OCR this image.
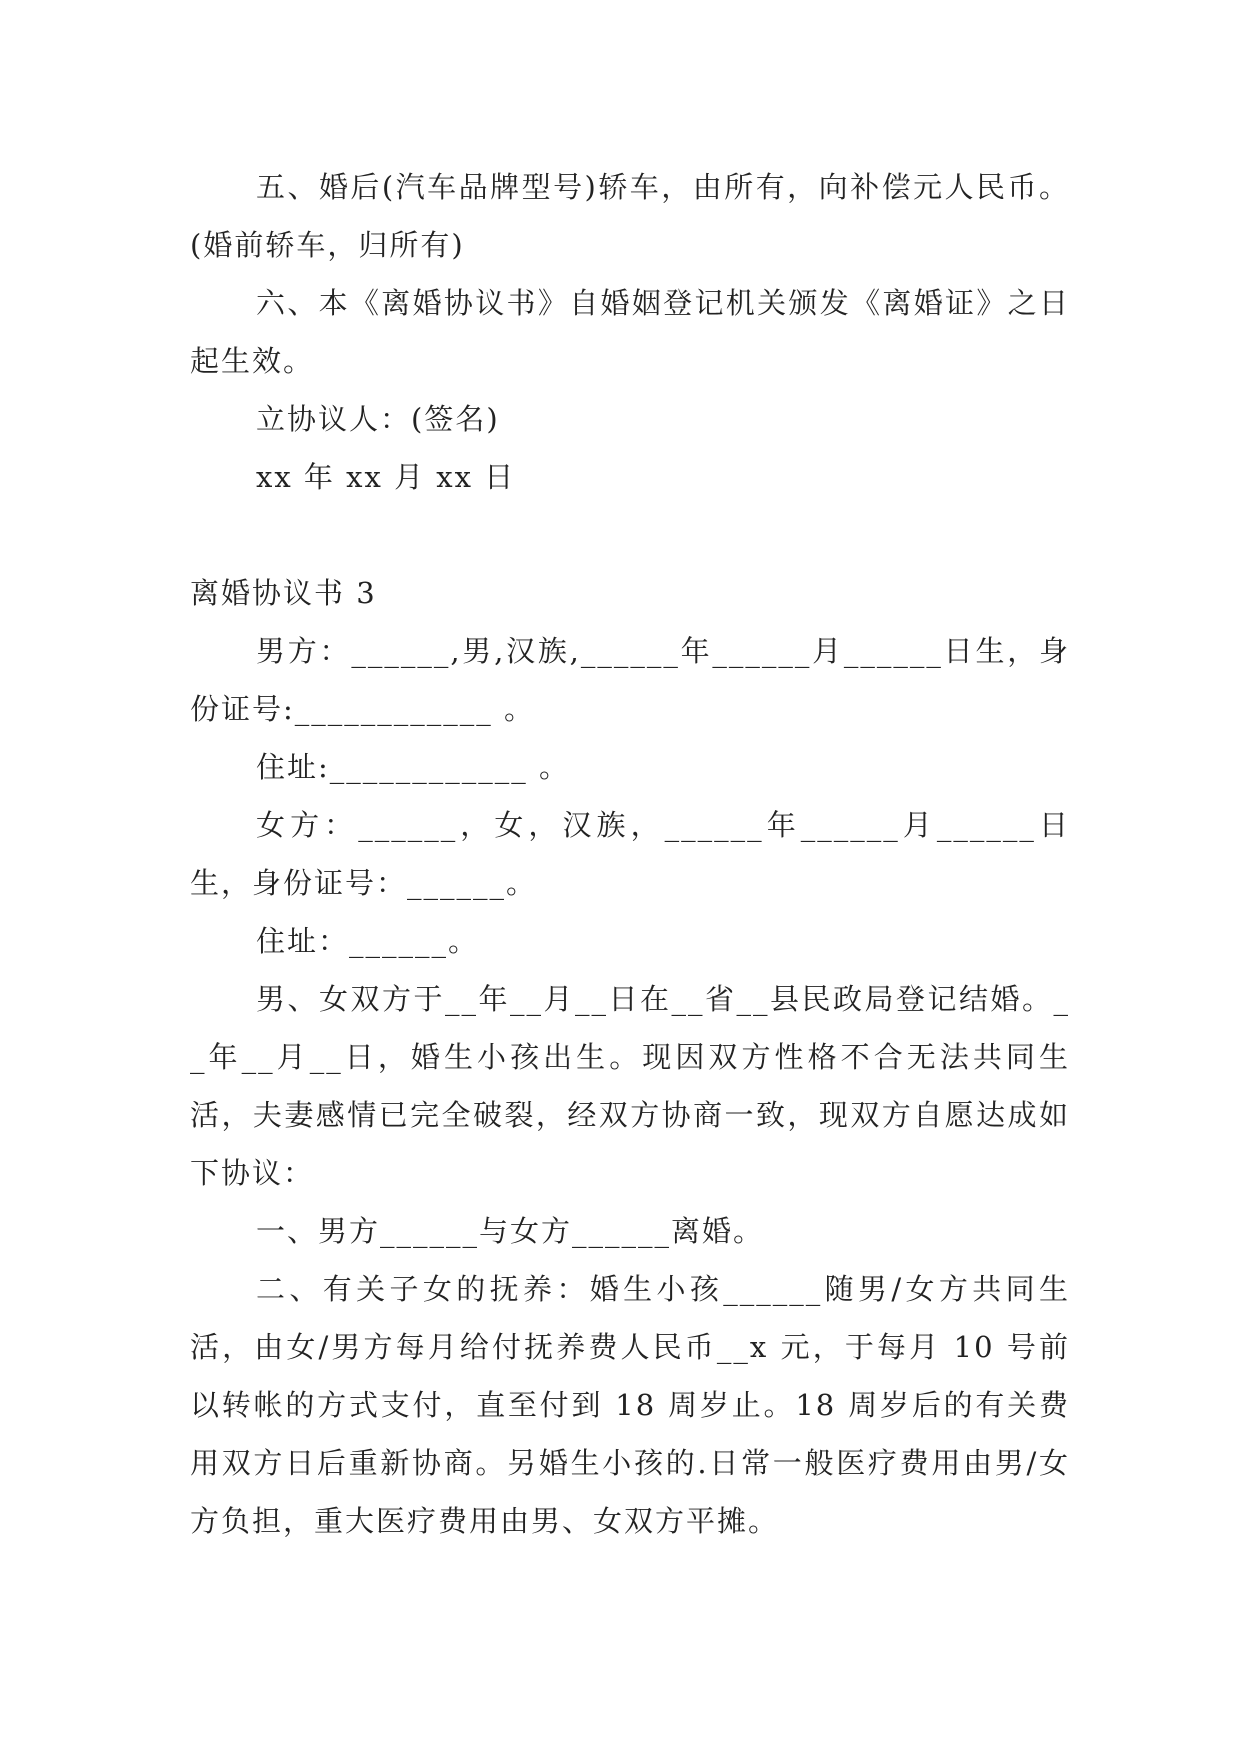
五、婚后(汽车品牌型号)轿车，由所有，向补偿元人民币。(婚前轿车，归所有)

六、本《离婚协议书》自婚姻登记机关颁发《离婚证》之日起生效。

立协议人：(签名)

xx 年 xx 月 xx 日

离婚协议书 3

男方：______,男,汉族,______年______月______日生，身份证号:____________ 。

住址:____________ 。

女方：______，女，汉族，______年______月______日生，身份证号：______。

住址：______。

男、女双方于__年__月__日在__省__县民政局登记结婚。__年__月__日，婚生小孩出生。现因双方性格不合无法共同生活，夫妻感情已完全破裂，经双方协商一致，现双方自愿达成如下协议：

一、男方______与女方______离婚。

二、有关子女的抚养：婚生小孩______随男/女方共同生活，由女/男方每月给付抚养费人民币__x 元，于每月 10 号前以转帐的方式支付，直至付到 18 周岁止。18 周岁后的有关费用双方日后重新协商。另婚生小孩的.日常一般医疗费用由男/女方负担，重大医疗费用由男、女双方平摊。
